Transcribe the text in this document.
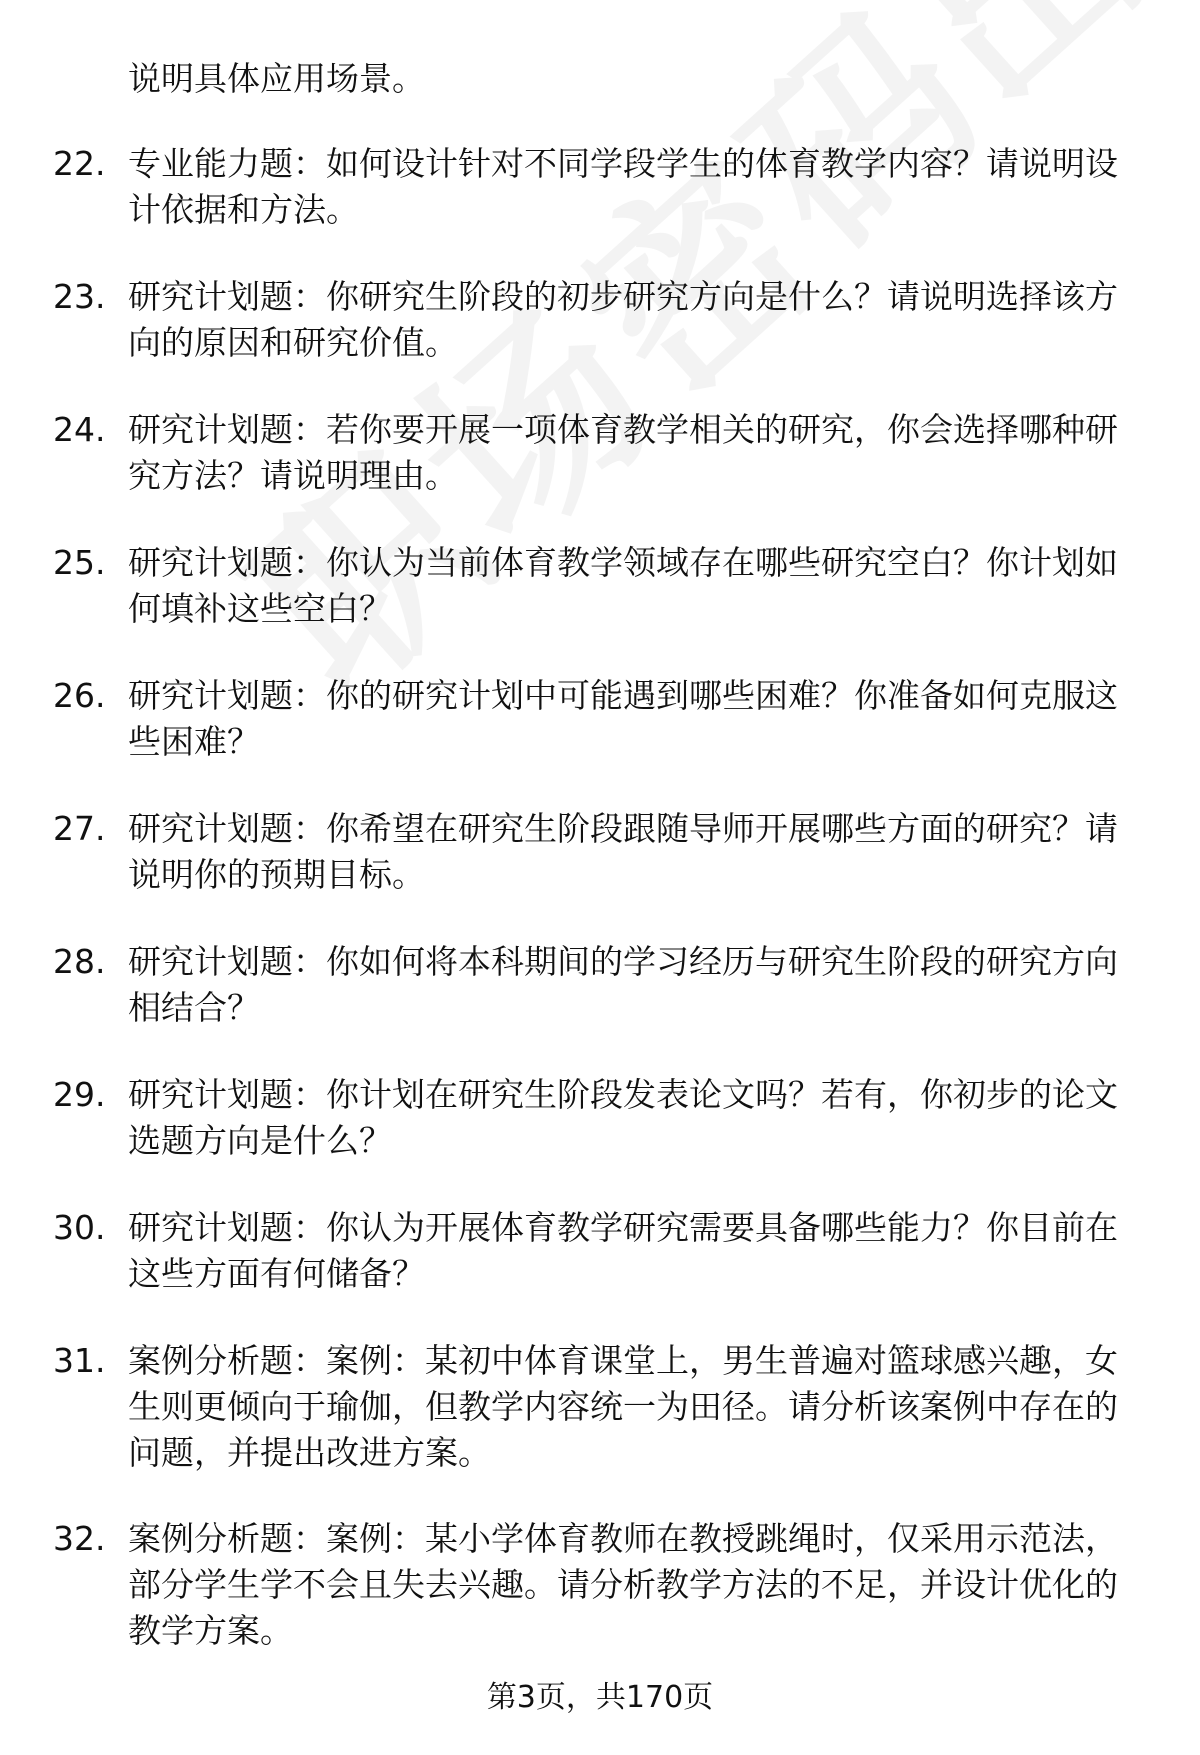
说明具体应用场景。
22. 专业能力题：如何设计针对不同学段学生的体育教学内容？请说明设计依据和方法。
23. 研究计划题：你研究生阶段的初步研究方向是什么？请说明选择该方向的原因和研究价值。
24. 研究计划题：若你要开展一项体育教学相关的研究，你会选择哪种研究方法？请说明理由。
25. 研究计划题：你认为当前体育教学领域存在哪些研究空白？你计划如何填补这些空白？
26. 研究计划题：你的研究计划中可能遇到哪些困难？你准备如何克服这些困难？
27. 研究计划题：你希望在研究生阶段跟随导师开展哪些方面的研究？请说明你的预期目标。
28. 研究计划题：你如何将本科期间的学习经历与研究生阶段的研究方向相结合？
29. 研究计划题：你计划在研究生阶段发表论文吗？若有，你初步的论文选题方向是什么？
30. 研究计划题：你认为开展体育教学研究需要具备哪些能力？你目前在这些方面有何储备？
31. 案例分析题：案例：某初中体育课堂上，男生普遍对篮球感兴趣，女生则更倾向于瑜伽，但教学内容统一为田径。请分析该案例中存在的问题，并提出改进方案。
32. 案例分析题：案例：某小学体育教师在教授跳绳时，仅采用示范法，部分学生学不会且失去兴趣。请分析教学方法的不足，并设计优化的教学方案。
第3页，共170页
